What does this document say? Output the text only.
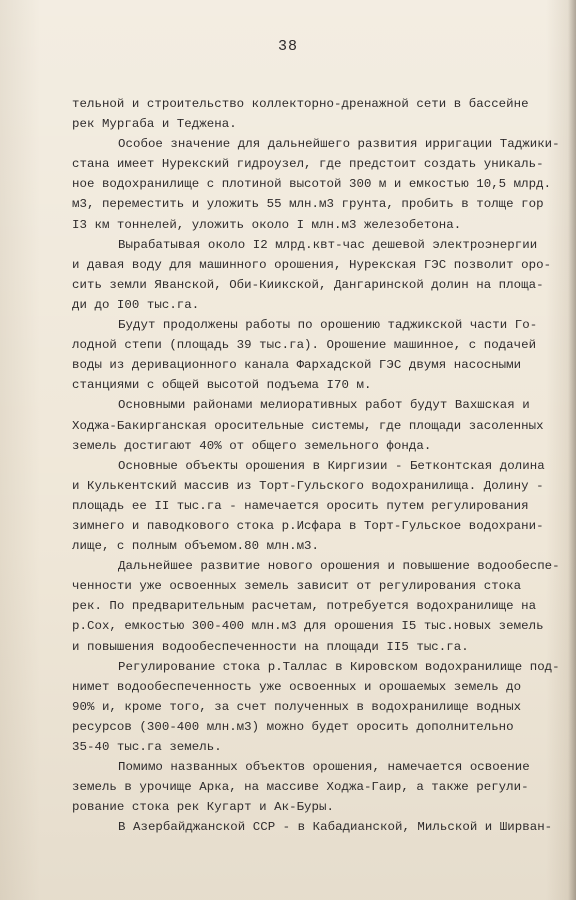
38
тельной и строительство коллекторно-дренажной сети в бассейне
рек Мургаба и Теджена.
Особое значение для дальнейшего развития ирригации Таджики-
стана имеет Нурекский гидроузел, где предстоит создать уникаль-
ное водохранилище с плотиной высотой 300 м и емкостью 10,5 млрд.
м3, переместить и уложить 55 млн.м3 грунта, пробить в толще гор
I3 км тоннелей, уложить около I млн.м3 железобетона.
Вырабатывая около I2 млрд.квт-час дешевой электроэнергии
и давая воду для машинного орошения, Нурекская ГЭС позволит оро-
сить земли Яванской, Оби-Киикской, Дангаринской долин на площа-
ди до I00 тыс.га.
Будут продолжены работы по орошению таджикской части Го-
лодной степи (площадь 39 тыс.га). Орошение машинное, с подачей
воды из деривационного канала Фархадской ГЭС двумя насосными
станциями с общей высотой подъема I70 м.
Основными районами мелиоративных работ будут Вахшская и
Ходжа-Бакирганская оросительные системы, где площади засоленных
земель достигают 40% от общего земельного фонда.
Основные объекты орошения в Киргизии - Бетконтская долина
и Кулькентский массив из Торт-Гульского водохранилища. Долину -
площадь ее II тыс.га - намечается оросить путем регулирования
зимнего и паводкового стока р.Исфара в Торт-Гульское водохрани-
лище, с полным объемом.80 млн.м3.
Дальнейшее развитие нового орошения и повышение водообеспе-
ченности уже освоенных земель зависит от регулирования стока
рек. По предварительным расчетам, потребуется водохранилище на
р.Сох, емкостью 300-400 млн.м3 для орошения I5 тыс.новых земель
и повышения водообеспеченности на площади II5 тыс.га.
Регулирование стока р.Таллас в Кировском водохранилище под-
нимет водообеспеченность уже освоенных и орошаемых земель до
90% и, кроме того, за счет полученных в водохранилище водных
ресурсов (300-400 млн.м3) можно будет оросить дополнительно
35-40 тыс.га земель.
Помимо названных объектов орошения, намечается освоение
земель в урочище Арка, на массиве Ходжа-Гаир, а также регули-
рование стока рек Кугарт и Ак-Буры.
В Азербайджанской ССР - в Кабадианской, Мильской и Ширван-
